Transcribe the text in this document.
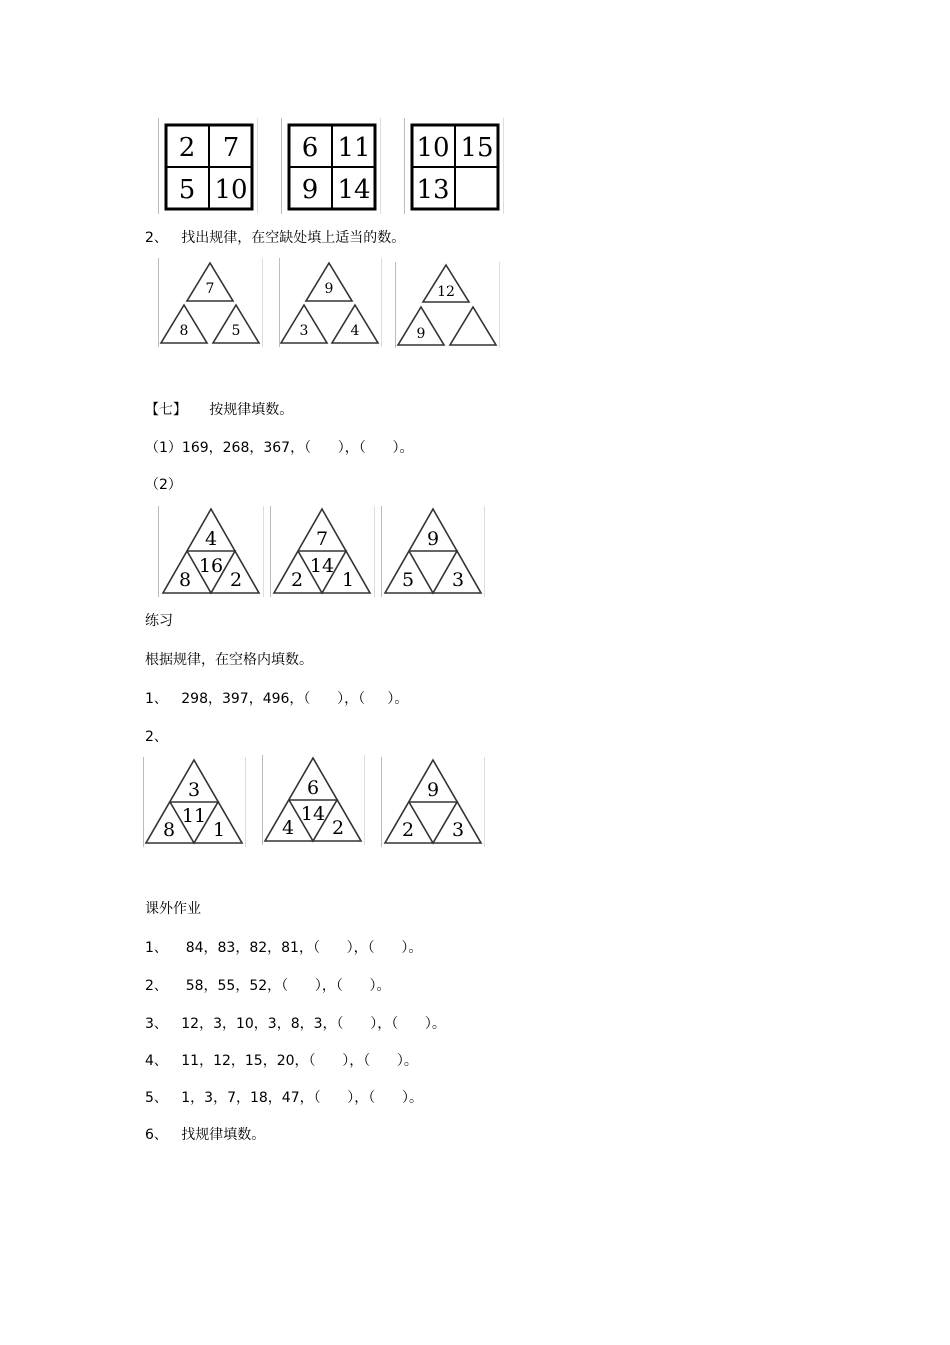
2 7
5 10
6 11
9 14
10 15
13
2、   找出规律，在空缺处填上适当的数。
7
8	5
9
3	4
12
9
【七】     按规律填数。
（1）169，268，367，（      ），（      ）。
（2）
4
16
8 2
7
14
2 1
9
5 3
练习
根据规律，在空格内填数。
1、   298，397，496，（      ），（     ）。
2、
3
11
8 1
6
14
4 2
9
2 3
课外作业
1、    84，83，82，81，（      ），（      ）。
2、    58，55，52，（      ），（      ）。
3、   12，3，10，3，8，3，（      ），（      ）。
4、   11，12，15，20，（      ），（      ）。
5、   1，3，7，18，47，（      ），（      ）。
6、   找规律填数。
